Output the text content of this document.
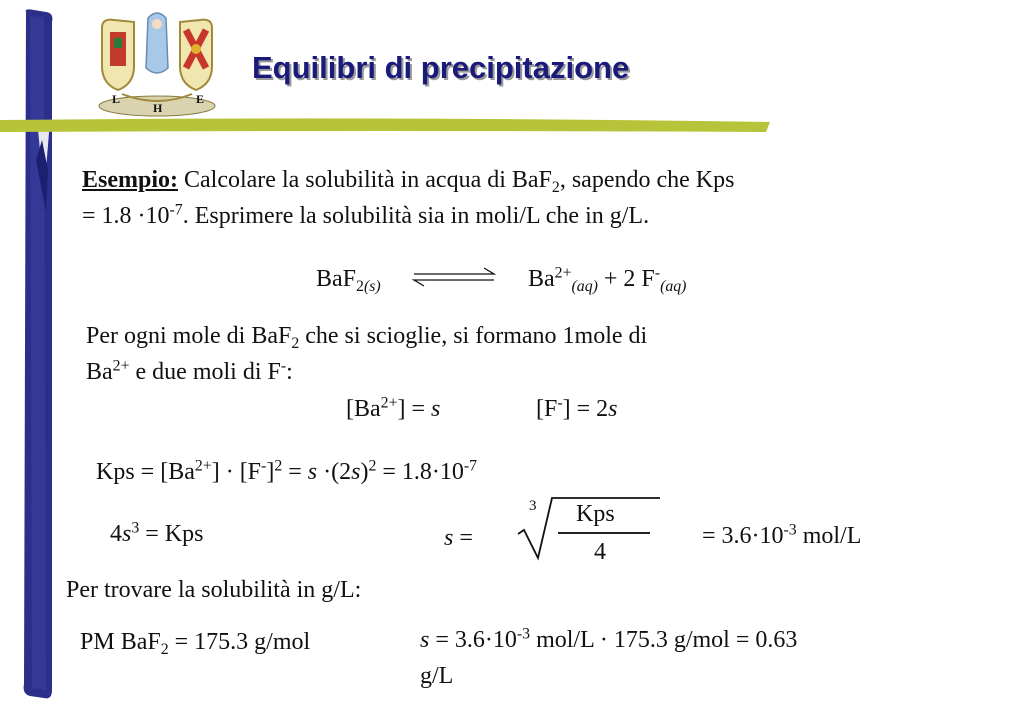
L
H
E
Equilibri di precipitazione
Esempio: Calcolare la solubilità in acqua di BaF$_2$, sapendo che Kps
= $1.8 \cdot 10^{-7}$. Esprimere la solubilità sia in moli/L che in g/L.
BaF$_{2(s)}$	$Ba^{2+}_{(aq)} + 2$ $F^-_{(aq)}$
Per ogni mole di BaF$_2$ che si scioglie, si formano 1mole di
$Ba^{2+}$ e due moli di F-:
$[Ba^{2+}] = s$	[F-] = 2s
Kps = $[Ba^{2+}] \cdot [F^-]^2 = s \cdot(2s)^2 = 1.8\cdot 10^{-7}$
$4s^3$ = Kps	s =
3 Kps
4
= $3.6\cdot 10^{-3}$ mol/L
Per trovare la solubilità in g/L:
PM BaF$_2$ = 175.3 g/mol	$s = 3.6\cdot 10^{-3}$ mol/L · 175.3 g/mol = 0.63
g/L
